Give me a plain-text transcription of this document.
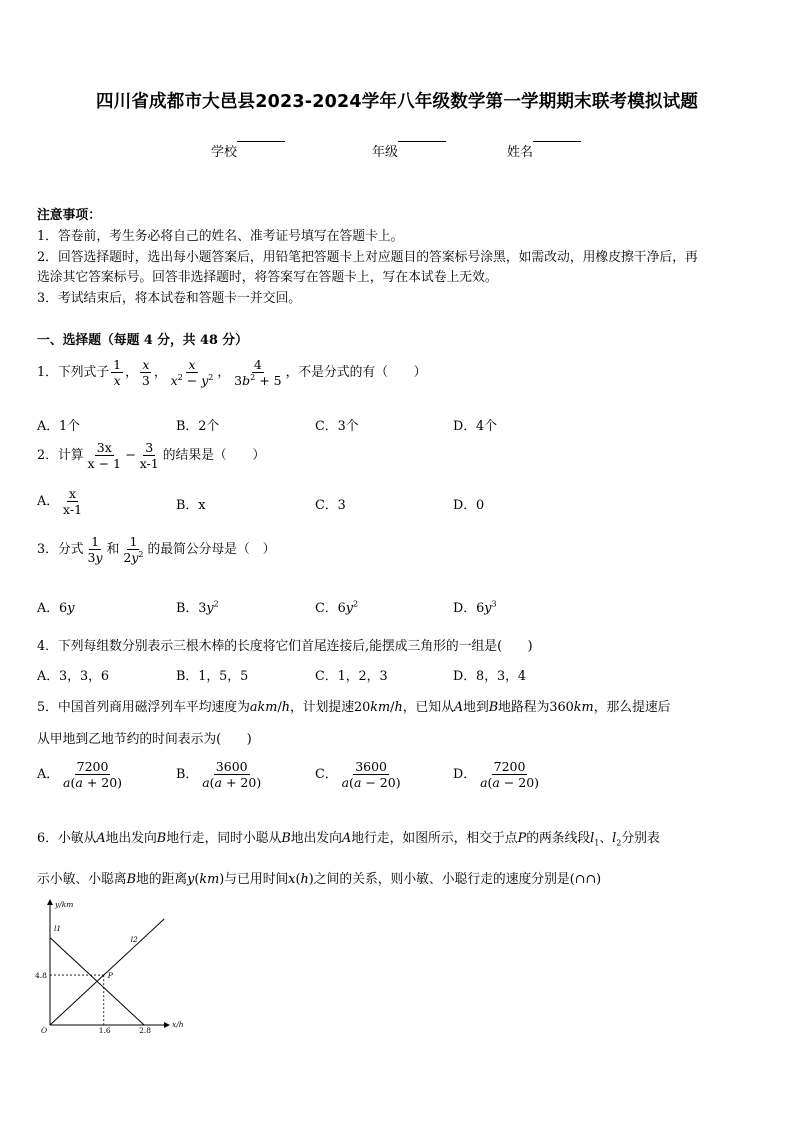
四川省成都市大邑县2023-2024学年八年级数学第一学期期末联考模拟试题
学校	年级	姓名
注意事项：
1．答卷前，考生务必将自己的姓名、准考证号填写在答题卡上。
2．回答选择题时，选出每小题答案后，用铅笔把答题卡上对应题目的答案标号涂黑，如需改动，用橡皮擦干净后，再
选涂其它答案标号。回答非选择题时，将答案写在答题卡上，写在本试卷上无效。
3．考试结束后，将本试卷和答题卡一并交回。
一、选择题（每题 4 分，共 48 分）
1．下列式子 $\frac{1}{x}$ ， $\frac{x}{3}$ ， $\frac{x}{x^2 - y^2}$ ， $\frac{4}{3b^2 + 5}$ ，不是分式的有（　　）
A．1个	B．2个	C．3个	D．4个
2．计算 $\frac{3x}{x - 1} - \frac{3}{x-1}$ 的结果是（　　）
A． $\frac{x}{x-1}$	B．x	C．3	D．0
3．分式 $\frac{1}{3y}$ 和 $\frac{1}{2y^2}$ 的最简公分母是（　）
A．6y	B．$3y^2$	C．$6y^2$	D．$6y^3$
4．下列每组数分别表示三根木棒的长度将它们首尾连接后,能摆成三角形的一组是(　　)
A．3，3，6	B．1，5，5	C．1，2，3	D．8，3，4
5．中国首列商用磁浮列车平均速度为akm/h，计划提速20km/h，已知从A地到B地路程为360km，那么提速后
从甲地到乙地节约的时间表示为(　　)
A． $\frac{7200}{a(a + 20)}$	B． $\frac{3600}{a(a + 20)}$	C． $\frac{3600}{a(a - 20)}$	D． $\frac{7200}{a(a - 20)}$
6．小敏从A地出发向B地行走，同时小聪从B地出发向A地行走，如图所示，相交于点P的两条线段$l_1$、$l_2$分别表
示小敏、小聪离B地的距离y(km)与已用时间x(h)之间的关系，则小敏、小聪行走的速度分别是(∩∩)
y/km
x/h
O
P
4.8
1.6	2.8
l1
l2
